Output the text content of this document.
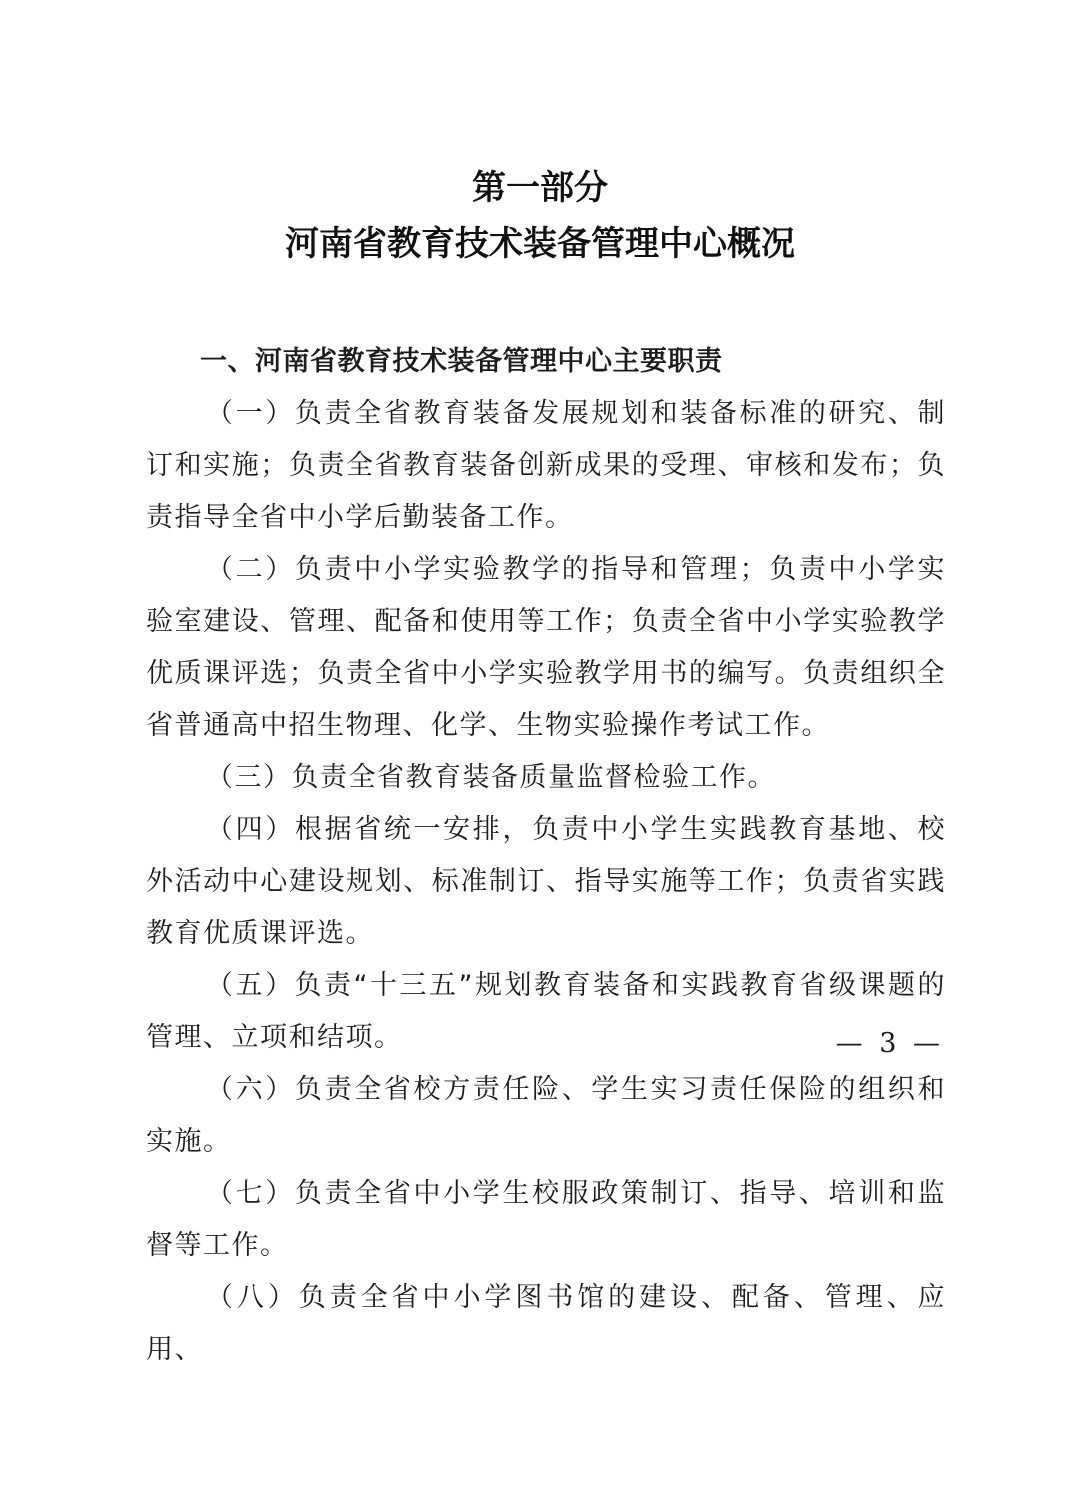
第一部分
河南省教育技术装备管理中心概况

一、河南省教育技术装备管理中心主要职责

（一）负责全省教育装备发展规划和装备标准的研究、制订和实施；负责全省教育装备创新成果的受理、审核和发布；负责指导全省中小学后勤装备工作。

（二）负责中小学实验教学的指导和管理；负责中小学实验室建设、管理、配备和使用等工作；负责全省中小学实验教学优质课评选；负责全省中小学实验教学用书的编写。负责组织全省普通高中招生物理、化学、生物实验操作考试工作。

（三）负责全省教育装备质量监督检验工作。

（四）根据省统一安排，负责中小学生实践教育基地、校外活动中心建设规划、标准制订、指导实施等工作；负责省实践教育优质课评选。

（五）负责“十三五”规划教育装备和实践教育省级课题的管理、立项和结项。

（六）负责全省校方责任险、学生实习责任保险的组织和实施。

（七）负责全省中小学生校服政策制订、指导、培训和监督等工作。

（八）负责全省中小学图书馆的建设、配备、管理、应用、

— 3 —
